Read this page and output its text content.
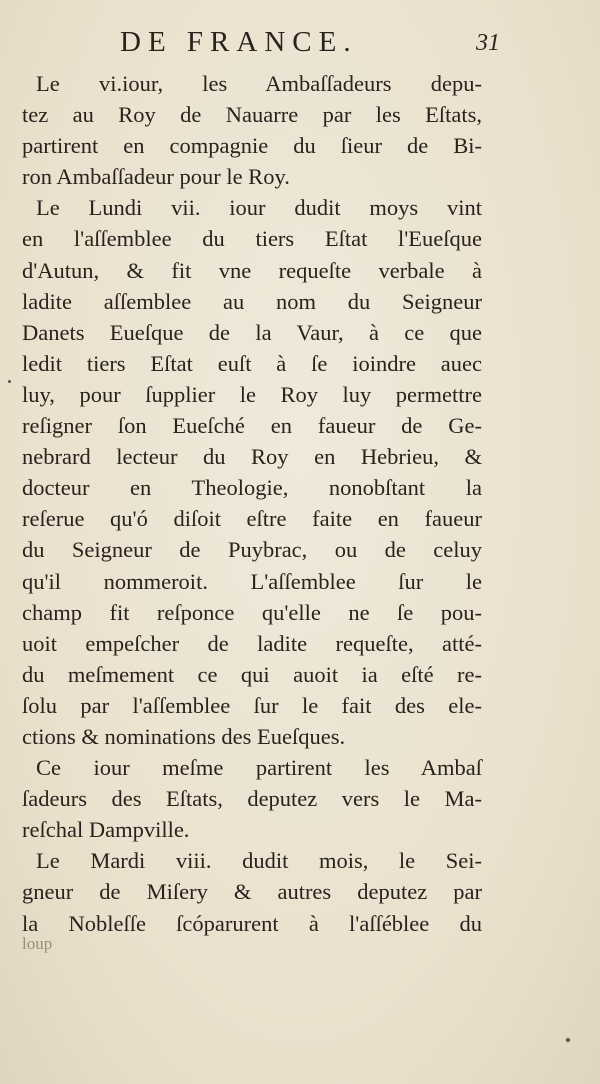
DE FRANCE.	31
Le vi.iour, les Ambaſſadeurs depu-
tez au Roy de Nauarre par les Eſtats,
partirent en compagnie du ſieur de Bi-
ron Ambaſſadeur pour le Roy.
Le Lundi vii. iour dudit moys vint
en l'aſſemblee du tiers Eſtat l'Eueſque
d'Autun, & fit vne requeſte verbale à
ladite aſſemblee au nom du Seigneur
Danets Eueſque de la Vaur, à ce que
ledit tiers Eſtat euſt à ſe ioindre auec
luy, pour ſupplier le Roy luy permettre
reſigner ſon Eueſché en faueur de Ge-
nebrard lecteur du Roy en Hebrieu, &
docteur en Theologie, nonobſtant la
reſerue qu'ó diſoit eſtre faite en faueur
du Seigneur de Puybrac, ou de celuy
qu'il nommeroit. L'aſſemblee ſur le
champ fit reſponce qu'elle ne ſe pou-
uoit empeſcher de ladite requeſte, atté-
du meſmement ce qui auoit ia eſté re-
ſolu par l'aſſemblee ſur le fait des ele-
ctions & nominations des Eueſques.
Ce iour meſme partirent les Ambaſ
ſadeurs des Eſtats, deputez vers le Ma-
reſchal Dampville.
Le Mardi viii. dudit mois, le Sei-
gneur de Miſery & autres deputez par
la Nobleſſe ſcóparurent à l'aſſéblee du
loup
